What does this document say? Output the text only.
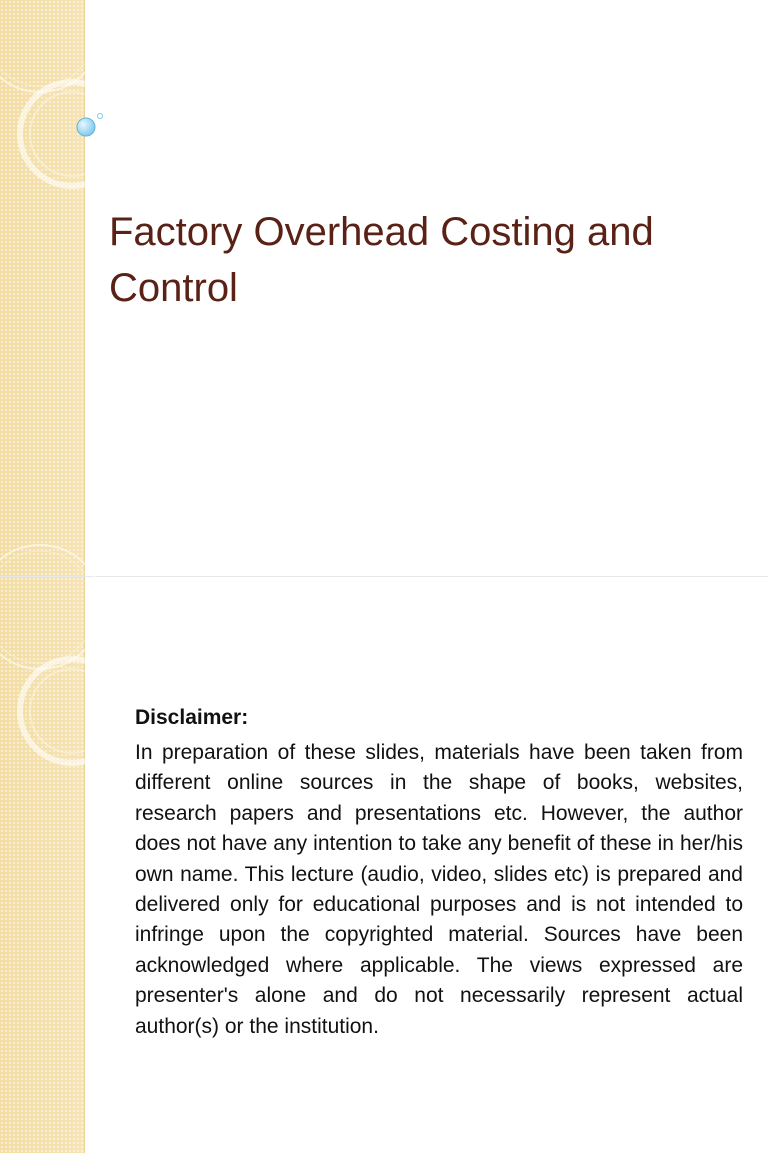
Factory Overhead Costing and Control
Disclaimer:

In preparation of these slides, materials have been taken from different online sources in the shape of books, websites, research papers and presentations etc. However, the author does not have any intention to take any benefit of these in her/his own name. This lecture (audio, video, slides etc) is prepared and delivered only for educational purposes and is not intended to infringe upon the copyrighted material. Sources have been acknowledged where applicable. The views expressed are presenter's alone and do not necessarily represent actual author(s) or the institution.
